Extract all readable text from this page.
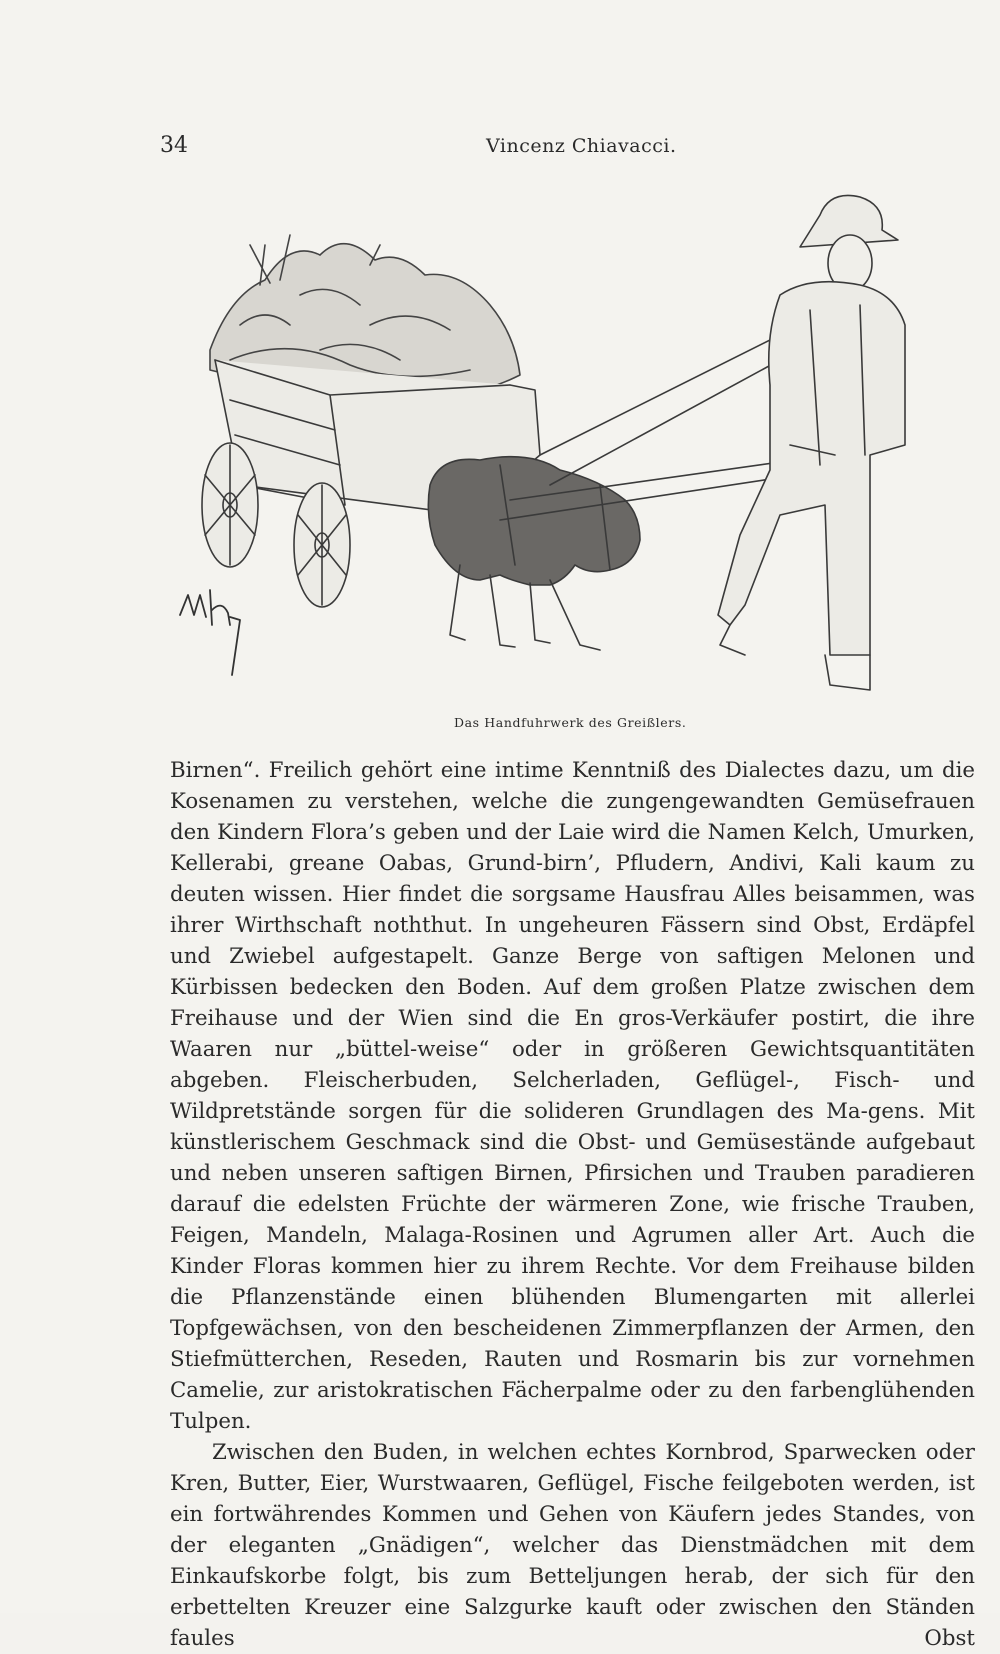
34	Vincenz Chiavacci.
Das Handfuhrwerk des Greißlers.

Birnen“. Freilich gehört eine intime Kenntniß des Dialectes dazu, um die Kosenamen zu verstehen, welche die zungengewandten Gemüsefrauen den Kindern Flora’s geben und der Laie wird die Namen Kelch, Umurken, Kellerabi, greane Oabas, Grund-birn’, Pfludern, Andivi, Kali kaum zu deuten wissen. Hier findet die sorgsame Hausfrau Alles beisammen, was ihrer Wirthschaft noththut. In ungeheuren Fässern sind Obst, Erdäpfel und Zwiebel aufgestapelt. Ganze Berge von saftigen Melonen und Kürbissen bedecken den Boden. Auf dem großen Platze zwischen dem Freihause und der Wien sind die En gros-Verkäufer postirt, die ihre Waaren nur „büttel-weise“ oder in größeren Gewichtsquantitäten abgeben. Fleischerbuden, Selcherladen, Geflügel-, Fisch- und Wildpretstände sorgen für die solideren Grundlagen des Ma-gens. Mit künstlerischem Geschmack sind die Obst- und Gemüsestände aufgebaut und neben unseren saftigen Birnen, Pfirsichen und Trauben paradieren darauf die edelsten Früchte der wärmeren Zone, wie frische Trauben, Feigen, Mandeln, Malaga-Rosinen und Agrumen aller Art. Auch die Kinder Floras kommen hier zu ihrem Rechte. Vor dem Freihause bilden die Pflanzenstände einen blühenden Blumengarten mit allerlei Topfgewächsen, von den bescheidenen Zimmerpflanzen der Armen, den Stiefmütterchen, Reseden, Rauten und Rosmarin bis zur vornehmen Camelie, zur aristokratischen Fächerpalme oder zu den farbenglühenden Tulpen.

Zwischen den Buden, in welchen echtes Kornbrod, Sparwecken oder Kren, Butter, Eier, Wurstwaaren, Geflügel, Fische feilgeboten werden, ist ein fortwährendes Kommen und Gehen von Käufern jedes Standes, von der eleganten „Gnädigen“, welcher das Dienstmädchen mit dem Einkaufskorbe folgt, bis zum Betteljungen herab, der sich für den erbettelten Kreuzer eine Salzgurke kauft oder zwischen den Ständen faules Obst
